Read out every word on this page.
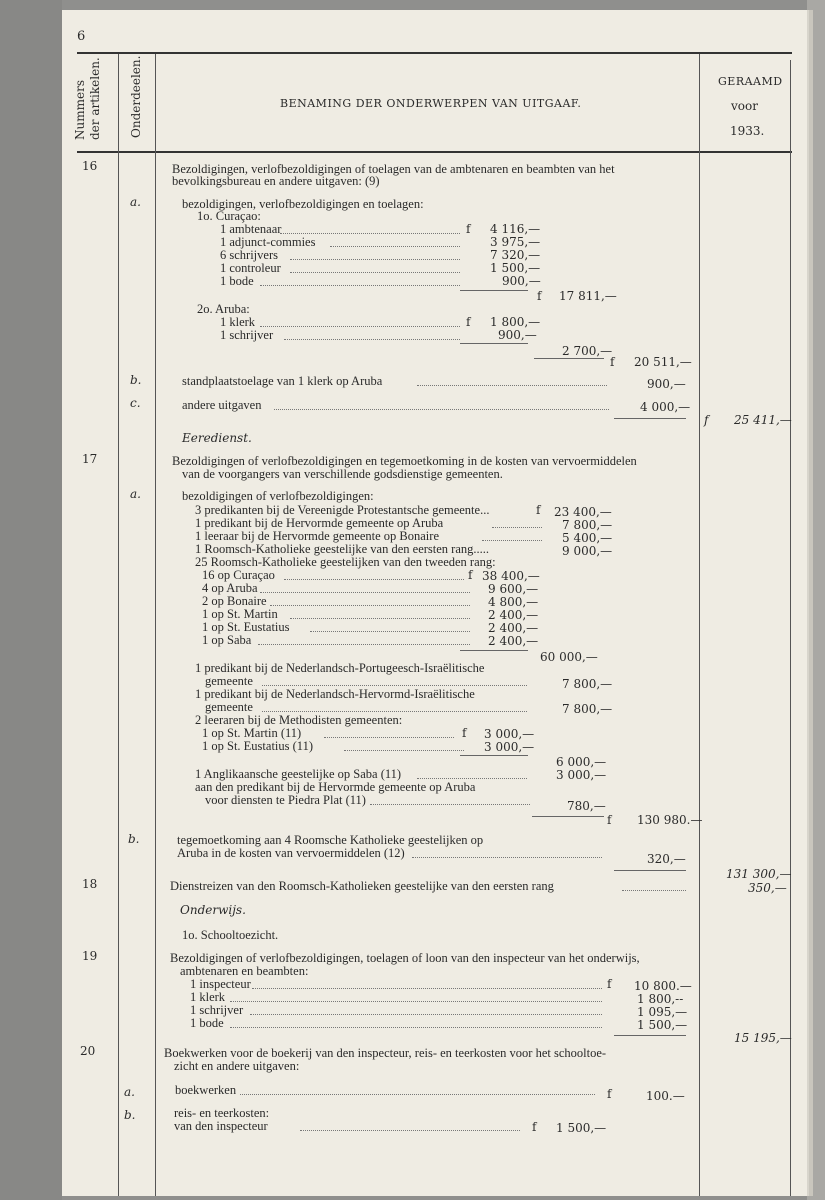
6
Nummers der artikelen. Onderdeelen.	BENAMING DER ONDERWERPEN VAN UITGAAF.
GERAAMD
voor
1933.
16	Bezoldigingen, verlofbezoldigingen of toelagen van de ambtenaren en beambten van het
bevolkingsbureau en andere uitgaven: (9)
a.	bezoldigingen, verlofbezoldigingen en toelagen:
1o. Curaçao:
1 ambtenaar	f 4 116,—
1 adjunct-commies	3 975,—
6 schrijvers	7 320,—
1 controleur	1 500,—
1 bode	900,—
f 17 811,—
2o. Aruba:
1 klerk	f 1 800,—
1 schrijver	900,—
2 700,—
f 20 511,—
b.	standplaatstoelage van 1 klerk op Aruba	900,—
c.	andere uitgaven	4 000,—
f 25 411,—
Eeredienst.
17	Bezoldigingen of verlofbezoldigingen en tegemoetkoming in de kosten van vervoermiddelen
van de voorgangers van verschillende godsdienstige gemeenten.
a.	bezoldigingen of verlofbezoldigingen:
3 predikanten bij de Vereenigde Protestantsche gemeente...	f 23 400,—
1 predikant bij de Hervormde gemeente op Aruba	7 800,—
1 leeraar bij de Hervormde gemeente op Bonaire	5 400,—
1 Roomsch-Katholieke geestelijke van den eersten rang.....	9 000,—
25 Roomsch-Katholieke geestelijken van den tweeden rang:
16 op Curaçao	f 38 400,—
4 op Aruba	9 600,—
2 op Bonaire	4 800,—
1 op St. Martin	2 400,—
1 op St. Eustatius	2 400,—
1 op Saba	2 400,—
60 000,—
1 predikant bij de Nederlandsch-Portugeesch-Israëlitische
gemeente	7 800,—
1 predikant bij de Nederlandsch-Hervormd-Israëlitische
gemeente	7 800,—
2 leeraren bij de Methodisten gemeenten:
1 op St. Martin (11)	f 3 000,—
1 op St. Eustatius (11)	3 000,—
6 000,—
1 Anglikaansche geestelijke op Saba (11)	3 000,—
aan den predikant bij de Hervormde gemeente op Aruba
voor diensten te Piedra Plat (11)	780,—
f 130 980.—
b.	tegemoetkoming aan 4 Roomsche Katholieke geestelijken op
Aruba in de kosten van vervoermiddelen (12)	320,—
131 300,—
18	Dienstreizen van den Roomsch-Katholieken geestelijke van den eersten rang	350,—
Onderwijs.
1o. Schooltoezicht.
19	Bezoldigingen of verlofbezoldigingen, toelagen of loon van den inspecteur van het onderwijs,
ambtenaren en beambten:
1 inspecteur	f 10 800.—
1 klerk	1 800,--
1 schrijver	1 095,—
1 bode	1 500,—
15 195,—
20	Boekwerken voor de boekerij van den inspecteur, reis- en teerkosten voor het schooltoe-
zicht en andere uitgaven:
a.	boekwerken	f	100.—
b.	reis- en teerkosten:
van den inspecteur	f 1 500,—
